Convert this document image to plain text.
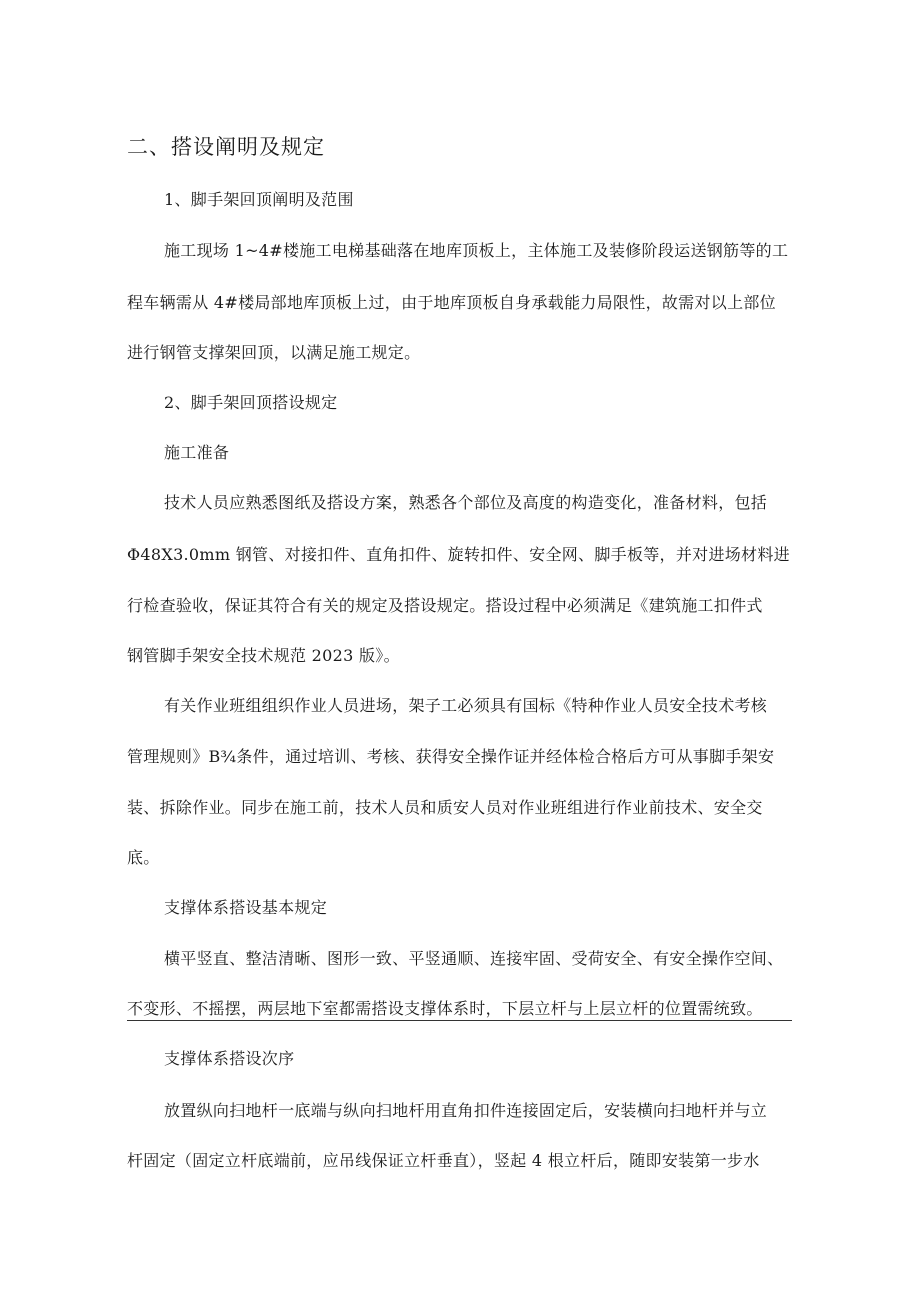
二、搭设阐明及规定
1、脚手架回顶阐明及范围
施工现场 1~4#楼施工电梯基础落在地库顶板上，主体施工及装修阶段运送钢筋等的工
程车辆需从 4#楼局部地库顶板上过，由于地库顶板自身承载能力局限性，故需对以上部位
进行钢管支撑架回顶，以满足施工规定。
2、脚手架回顶搭设规定
施工准备
技术人员应熟悉图纸及搭设方案，熟悉各个部位及高度的构造变化，准备材料，包括
Φ48X3.0mm 钢管、对接扣件、直角扣件、旋转扣件、安全网、脚手板等，并对进场材料进
行检查验收，保证其符合有关的规定及搭设规定。搭设过程中必须满足《建筑施工扣件式
钢管脚手架安全技术规范 2023 版》。
有关作业班组组织作业人员进场，架子工必须具有国标《特种作业人员安全技术考核
管理规则》B¾条件，通过培训、考核、获得安全操作证并经体检合格后方可从事脚手架安
装、拆除作业。同步在施工前，技术人员和质安人员对作业班组进行作业前技术、安全交
底。
支撑体系搭设基本规定
横平竖直、整洁清晰、图形一致、平竖通顺、连接牢固、受荷安全、有安全操作空间、
不变形、不摇摆，两层地下室都需搭设支撑体系时，下层立杆与上层立杆的位置需统致。
支撑体系搭设次序
放置纵向扫地杆一底端与纵向扫地杆用直角扣件连接固定后，安装横向扫地杆并与立
杆固定（固定立杆底端前，应吊线保证立杆垂直），竖起 4 根立杆后，随即安装第一步水
